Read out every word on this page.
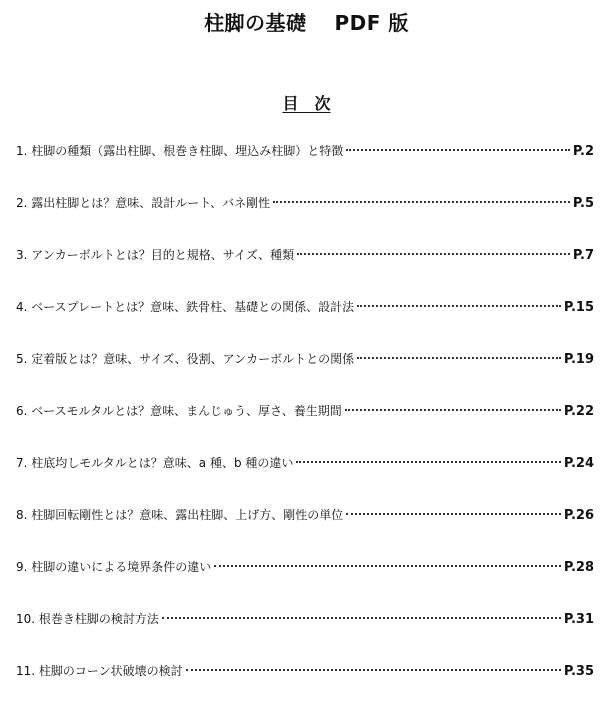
柱脚の基礎　 PDF 版
目　次
1. 柱脚の種類（露出柱脚、根巻き柱脚、埋込み柱脚）と特徴	P.2
2. 露出柱脚とは？意味、設計ルート、バネ剛性	P.5
3. アンカーボルトとは？目的と規格、サイズ、種類	P.7
4. ベースプレートとは？意味、鉄骨柱、基礎との関係、設計法	P.15
5. 定着版とは？意味、サイズ、役割、アンカーボルトとの関係	P.19
6. ベースモルタルとは？意味、まんじゅう、厚さ、養生期間	P.22
7. 柱底均しモルタルとは？意味、a 種、b 種の違い	P.24
8. 柱脚回転剛性とは？意味、露出柱脚、上げ方、剛性の単位	P.26
9. 柱脚の違いによる境界条件の違い	P.28
10. 根巻き柱脚の検討方法	P.31
11. 柱脚のコーン状破壊の検討	P.35
